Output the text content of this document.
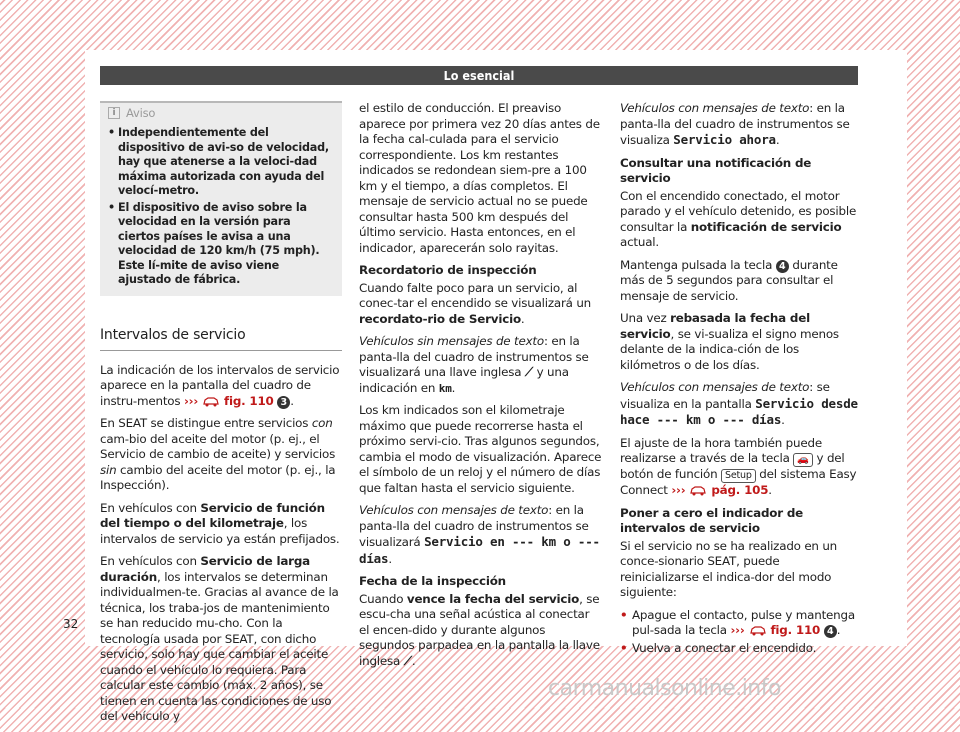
Lo esencial
i Aviso
• Independientemente del dispositivo de avi-so de velocidad, hay que atenerse a la veloci-dad máxima autorizada con ayuda del velocí-metro.
• El dispositivo de aviso sobre la velocidad en la versión para ciertos países le avisa a una velocidad de 120 km/h (75 mph). Este lí-mite de aviso viene ajustado de fábrica.
Intervalos de servicio

La indicación de los intervalos de servicio aparece en la pantalla del cuadro de instru-mentos ›››  fig. 110 3 .

En SEAT se distingue entre servicios con cam-bio del aceite del motor (p. ej., el Servicio de cambio de aceite) y servicios sin cambio del aceite del motor (p. ej., la Inspección).

En vehículos con Servicio de función del tiempo o del kilometraje, los intervalos de servicio ya están prefijados.

En vehículos con Servicio de larga duración, los intervalos se determinan individualmen-te. Gracias al avance de la técnica, los traba-jos de mantenimiento se han reducido mu-cho. Con la tecnología usada por SEAT, con dicho servicio, solo hay que cambiar el aceite cuando el vehículo lo requiera. Para calcular este cambio (máx. 2 años), se tienen en cuenta las condiciones de uso del vehículo y

el estilo de conducción. El preaviso aparece por primera vez 20 días antes de la fecha cal-culada para el servicio correspondiente. Los km restantes indicados se redondean siem-pre a 100 km y el tiempo, a días completos. El mensaje de servicio actual no se puede consultar hasta 500 km después del último servicio. Hasta entonces, en el indicador, aparecerán solo rayitas.

Recordatorio de inspección

Cuando falte poco para un servicio, al conec-tar el encendido se visualizará un recordato-rio de Servicio.

Vehículos sin mensajes de texto: en la panta-lla del cuadro de instrumentos se visualizará una llave inglesa ⟋ y una indicación en km.

Los km indicados son el kilometraje máximo que puede recorrerse hasta el próximo servi-cio. Tras algunos segundos, cambia el modo de visualización. Aparece el símbolo de un reloj y el número de días que faltan hasta el servicio siguiente.

Vehículos con mensajes de texto: en la panta-lla del cuadro de instrumentos se visualizará Servicio en --- km o --- días.

Fecha de la inspección

Cuando vence la fecha del servicio, se escu-cha una señal acústica al conectar el encen-dido y durante algunos segundos parpadea en la pantalla la llave inglesa ⟋.

Vehículos con mensajes de texto: en la panta-lla del cuadro de instrumentos se visualiza Servicio ahora.

Consultar una notificación de servicio

Con el encendido conectado, el motor parado y el vehículo detenido, es posible consultar la notificación de servicio actual.

Mantenga pulsada la tecla 4 durante más de 5 segundos para consultar el mensaje de servicio.

Una vez rebasada la fecha del servicio, se vi-sualiza el signo menos delante de la indica-ción de los kilómetros o de los días.

Vehículos con mensajes de texto: se visualiza en la pantalla Servicio desde hace --- km o --- días.

El ajuste de la hora también puede realizarse a través de la tecla 🚗 y del botón de función Setup del sistema Easy Connect ›››  pág. 105.

Poner a cero el indicador de intervalos de servicio

Si el servicio no se ha realizado en un conce-sionario SEAT, puede reinicializarse el indica-dor del modo siguiente:

• Apague el contacto, pulse y mantenga pul-sada la tecla ›››  fig. 110 4 .

• Vuelva a conectar el encendido.

32
carmanualsonline.info
